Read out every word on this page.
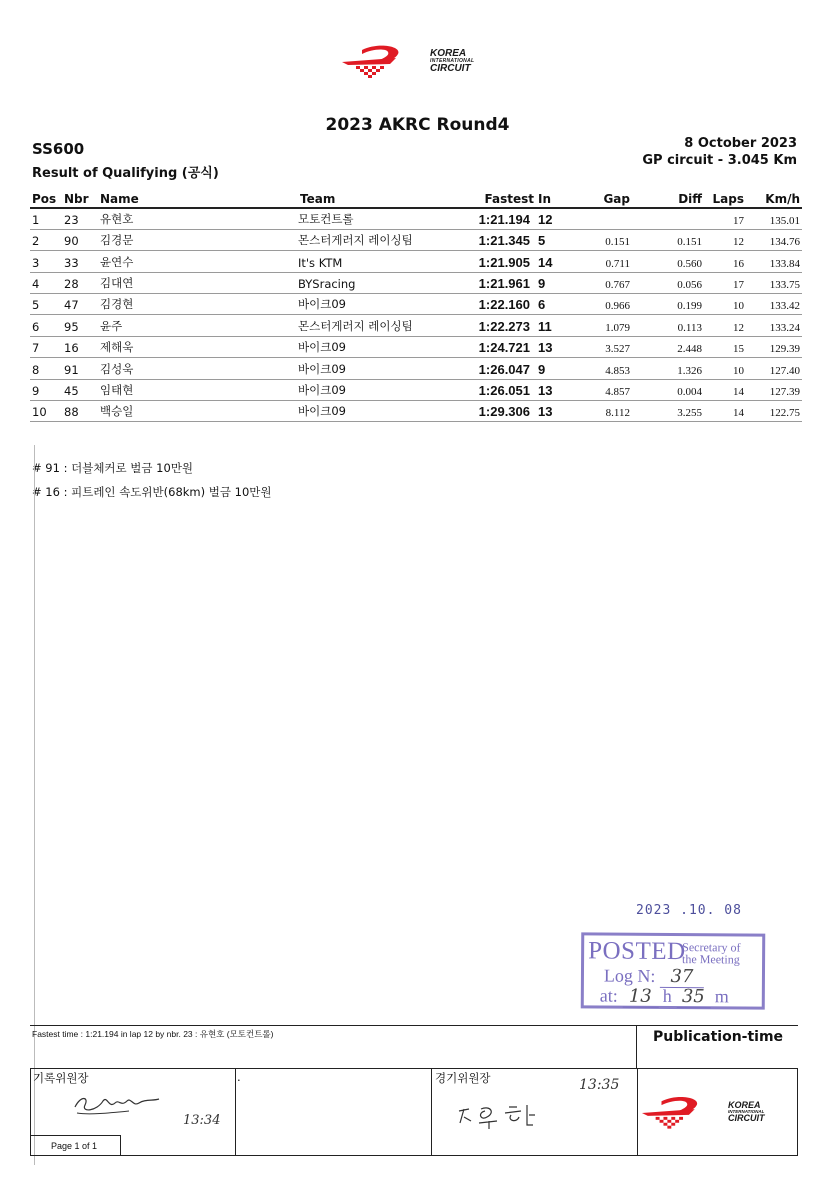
KOREA
INTERNATIONAL
CIRCUIT
2023 AKRC Round4
SS600
Result of Qualifying (공식)
8 October 2023
GP circuit - 3.045 Km
Pos	Nbr	Name	Team	Fastest	In	Gap	Diff	Laps	Km/h
1	23	유현호	모토컨트롤	1:21.194	12			17	135.01
2	90	김경문	몬스터게러지 레이싱팀	1:21.345	5	0.151	0.151	12	134.76
3	33	윤연수	It's KTM	1:21.905	14	0.711	0.560	16	133.84
4	28	김대연	BYSracing	1:21.961	9	0.767	0.056	17	133.75
5	47	김경현	바이크09	1:22.160	6	0.966	0.199	10	133.42
6	95	윤주	몬스터게러지 레이싱팀	1:22.273	11	1.079	0.113	12	133.24
7	16	제해욱	바이크09	1:24.721	13	3.527	2.448	15	129.39
8	91	김성욱	바이크09	1:26.047	9	4.853	1.326	10	127.40
9	45	임태현	바이크09	1:26.051	13	4.857	0.004	14	127.39
10	88	백승일	바이크09	1:29.306	13	8.112	3.255	14	122.75
# 91 : 더블체커로 벌금 10만원
# 16 : 피트레인 속도위반(68km) 벌금 10만원
2023 .10. 08
POSTED
Secretary of
the Meeting
Log N: 37
at: 13 h 35 m
Fastest time : 1:21.194 in lap 12 by nbr. 23 : 유현호 (모토컨트롤)	Publication-time
기록위원장
13:34
.	경기위원장	13:35
Page 1 of 1
KOREA
INTERNATIONAL
CIRCUIT
